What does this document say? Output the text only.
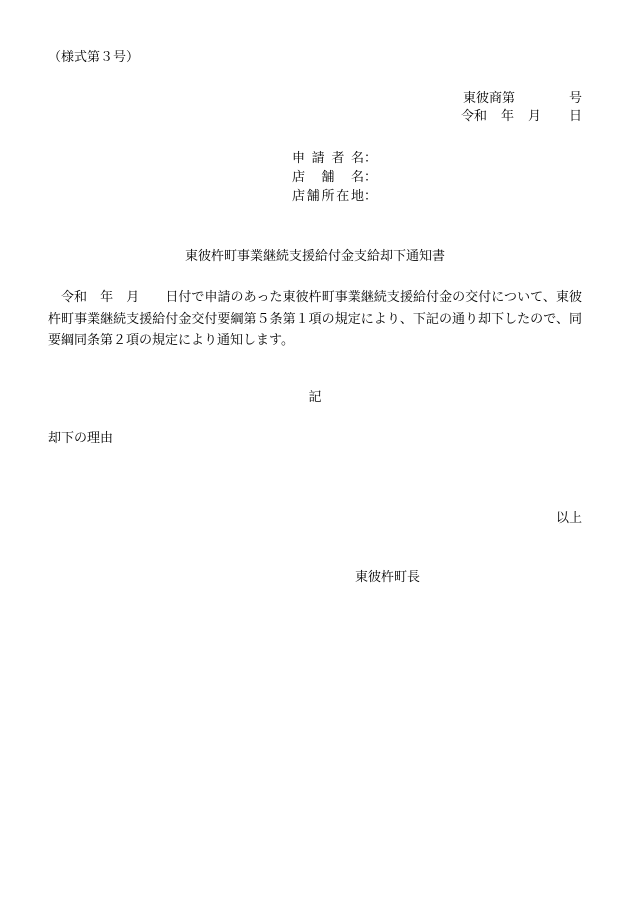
（様式第３号）
東彼商第	号
令和 年 月 日
申請者名：
店舗名：
店舗所在地：
東彼杵町事業継続支援給付金支給却下通知書
令和　年　月　　日付で申請のあった東彼杵町事業継続支援給付金の交付について、東彼杵町事業継続支援給付金交付要綱第５条第１項の規定により、下記の通り却下したので、同要綱同条第２項の規定により通知します。
記
却下の理由
以上
東彼杵町長
